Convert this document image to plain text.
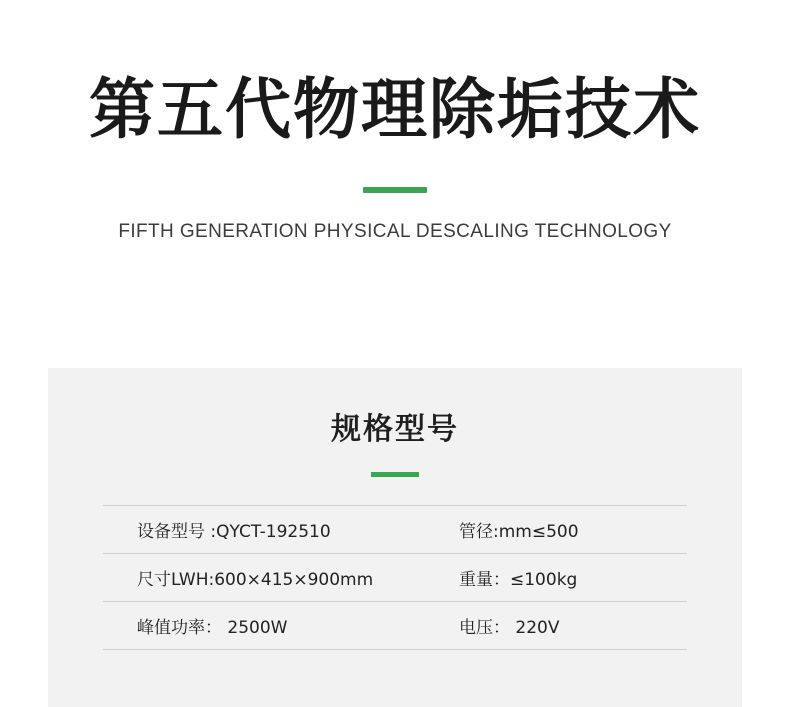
第五代物理除垢技术
FIFTH GENERATION PHYSICAL DESCALING TECHNOLOGY
规格型号
设备型号 :QYCT-192510	管径:mm≤500
尺寸LWH:600×415×900mm	重量：≤100kg
峰值功率： 2500W	电压： 220V
